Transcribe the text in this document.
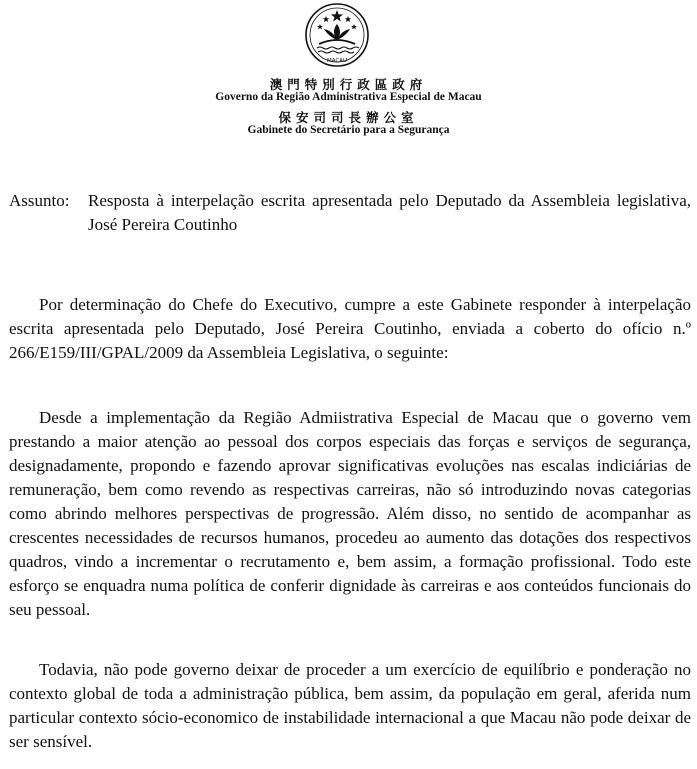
MACAU
澳門特別行政區政府
Governo da Região Administrativa Especial de Macau
保安司司長辦公室
Gabinete do Secretário para a Segurança
Assunto: Resposta à interpelação escrita apresentada pelo Deputado da Assembleia legislativa, José Pereira Coutinho

Por determinação do Chefe do Executivo, cumpre a este Gabinete responder à interpelação escrita apresentada pelo Deputado, José Pereira Coutinho, enviada a coberto do ofício n.º 266/E159/III/GPAL/2009 da Assembleia Legislativa, o seguinte:

Desde a implementação da Região Admiistrativa Especial de Macau que o governo vem prestando a maior atenção ao pessoal dos corpos especiais das forças e serviços de segurança, designadamente, propondo e fazendo aprovar significativas evoluções nas escalas indiciárias de remuneração, bem como revendo as respectivas carreiras, não só introduzindo novas categorias como abrindo melhores perspectivas de progressão. Além disso, no sentido de acompanhar as crescentes necessidades de recursos humanos, procedeu ao aumento das dotações dos respectivos quadros, vindo a incrementar o recrutamento e, bem assim, a formação profissional. Todo este esforço se enquadra numa política de conferir dignidade às carreiras e aos conteúdos funcionais do seu pessoal.

Todavia, não pode governo deixar de proceder a um exercício de equilíbrio e ponderação no contexto global de toda a administração pública, bem assim, da população em geral, aferida num particular contexto sócio-economico de instabilidade internacional a que Macau não pode deixar de ser sensível.
